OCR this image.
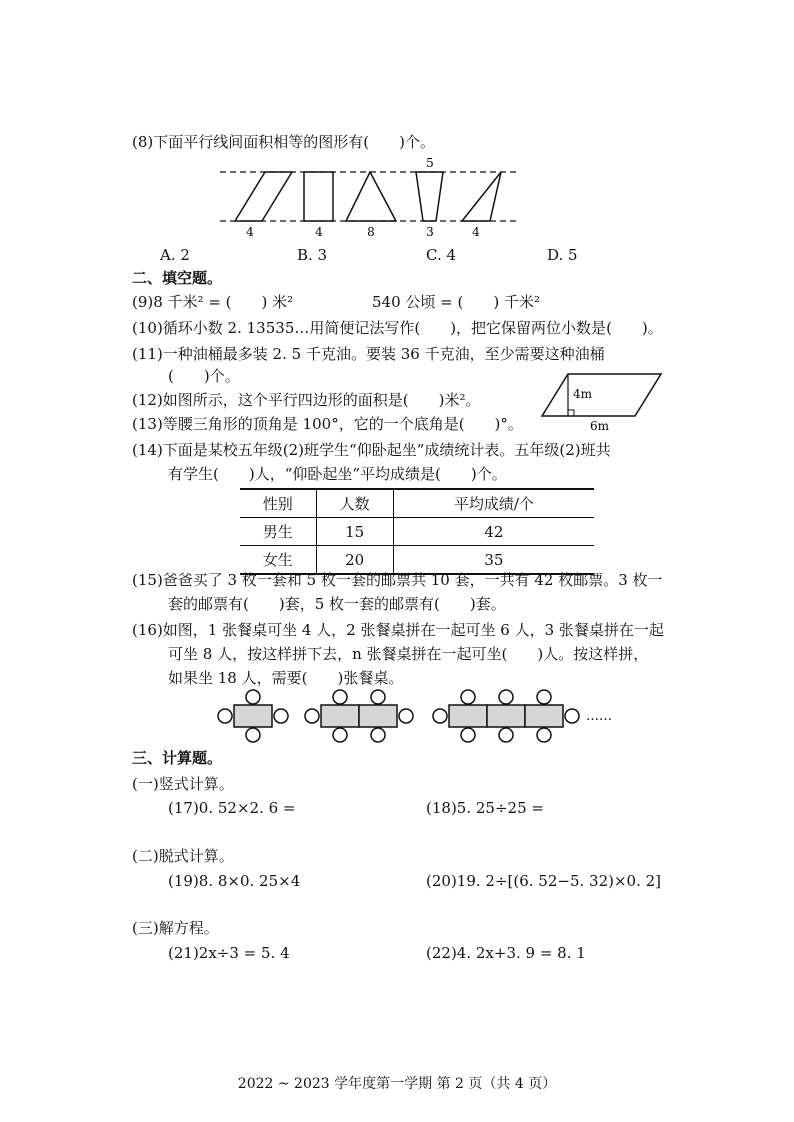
(8)下面平行线间面积相等的图形有(　　)个。
5
4	4	8	3	4
A. 2	B. 3	C. 4	D. 5
二、填空题。
(9)8 千米² = (　　) 米²	540 公顷 = (　　) 千米²
(10)循环小数 2. 13535…用简便记法写作(　　)，把它保留两位小数是(　　)。
(11)一种油桶最多装 2. 5 千克油。要装 36 千克油，至少需要这种油桶
(　　)个。
(12)如图所示，这个平行四边形的面积是(　　)米²。	4m
6m
(13)等腰三角形的顶角是 100°，它的一个底角是(　　)°。
(14)下面是某校五年级(2)班学生“仰卧起坐”成绩统计表。五年级(2)班共
有学生(　　)人，“仰卧起坐”平均成绩是(　　)个。
性别	人数	平均成绩/个
男生	15	42
女生	20	35
(15)爸爸买了 3 枚一套和 5 枚一套的邮票共 10 套，一共有 42 枚邮票。3 枚一
套的邮票有(　　)套，5 枚一套的邮票有(　　)套。
(16)如图，1 张餐桌可坐 4 人，2 张餐桌拼在一起可坐 6 人，3 张餐桌拼在一起
可坐 8 人，按这样拼下去，n 张餐桌拼在一起可坐(　　)人。按这样拼，
如果坐 18 人，需要(　　)张餐桌。
……
三、计算题。
(一)竖式计算。
(17)0. 52×2. 6 =	(18)5. 25÷25 =
(二)脱式计算。
(19)8. 8×0. 25×4	(20)19. 2÷[(6. 52−5. 32)×0. 2]
(三)解方程。
(21)2x÷3 = 5. 4	(22)4. 2x+3. 9 = 8. 1
2022 ~ 2023 学年度第一学期 第 2 页（共 4 页）
